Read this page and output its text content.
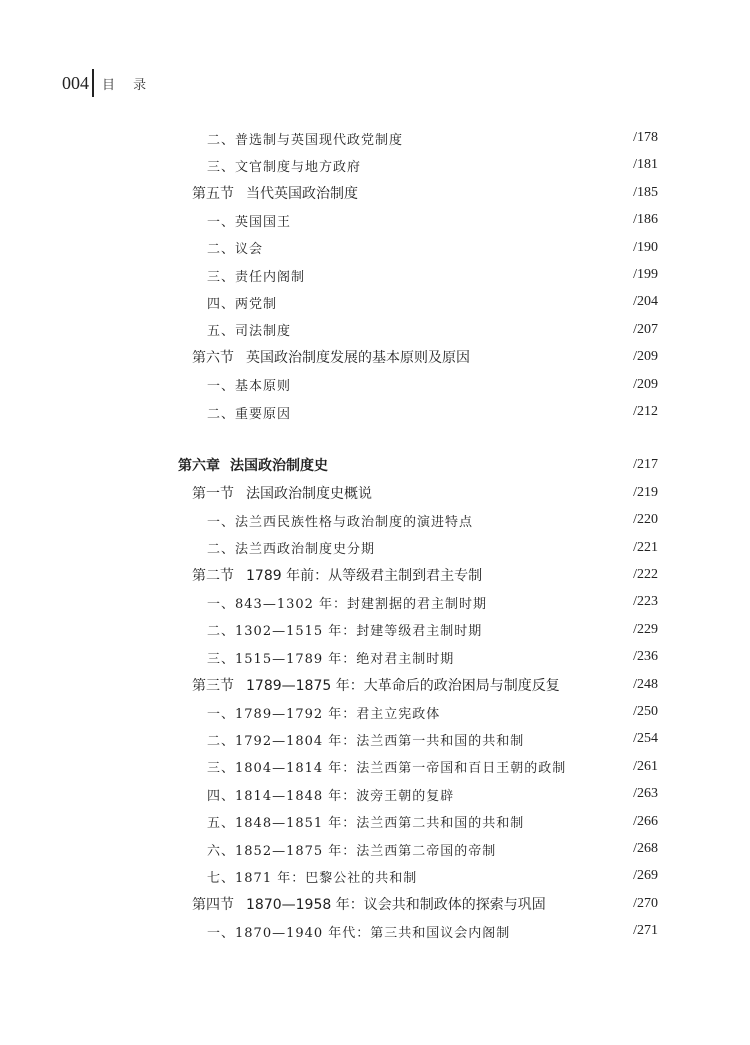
004 目 录
二、普选制与英国现代政党制度	/178
三、文官制度与地方政府	/181
第五节 当代英国政治制度	/185
一、英国国王	/186
二、议会	/190
三、责任内阁制	/199
四、两党制	/204
五、司法制度	/207
第六节 英国政治制度发展的基本原则及原因	/209
一、基本原则	/209
二、重要原因	/212
第六章 法国政治制度史	/217
第一节 法国政治制度史概说	/219
一、法兰西民族性格与政治制度的演进特点	/220
二、法兰西政治制度史分期	/221
第二节 1789 年前：从等级君主制到君主专制	/222
一、843—1302 年：封建割据的君主制时期	/223
二、1302—1515 年：封建等级君主制时期	/229
三、1515—1789 年：绝对君主制时期	/236
第三节 1789—1875 年：大革命后的政治困局与制度反复	/248
一、1789—1792 年：君主立宪政体	/250
二、1792—1804 年：法兰西第一共和国的共和制	/254
三、1804—1814 年：法兰西第一帝国和百日王朝的政制	/261
四、1814—1848 年：波旁王朝的复辟	/263
五、1848—1851 年：法兰西第二共和国的共和制	/266
六、1852—1875 年：法兰西第二帝国的帝制	/268
七、1871 年：巴黎公社的共和制	/269
第四节 1870—1958 年：议会共和制政体的探索与巩固	/270
一、1870—1940 年代：第三共和国议会内阁制	/271
